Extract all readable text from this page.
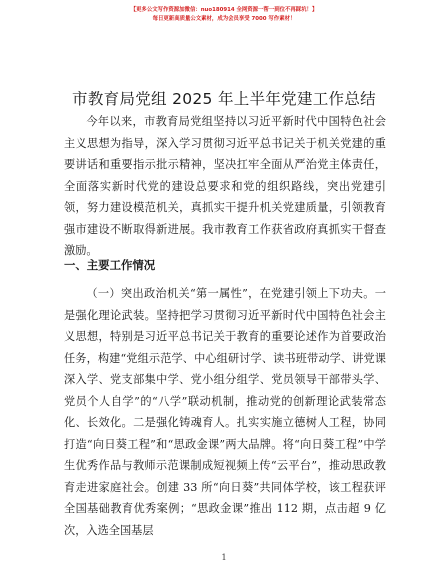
【更多公文写作资源加微信：nuo180914 全网资源一帮一到位不再踩坑！】
每日更新高质量公文素材，成为会员享受 7000 写作素材！
市教育局党组 2025 年上半年党建工作总结

今年以来，市教育局党组坚持以习近平新时代中国特色社会主义思想为指导，深入学习贯彻习近平总书记关于机关党建的重要讲话和重要指示批示精神，坚决扛牢全面从严治党主体责任，全面落实新时代党的建设总要求和党的组织路线，突出党建引领，努力建设模范机关，真抓实干提升机关党建质量，引领教育强市建设不断取得新进展。我市教育工作获省政府真抓实干督查激励。

一、主要工作情况

（一）突出政治机关“第一属性”，在党建引领上下功夫。一是强化理论武装。坚持把学习贯彻习近平新时代中国特色社会主义思想，特别是习近平总书记关于教育的重要论述作为首要政治任务，构建“党组示范学、中心组研讨学、读书班带动学、讲党课深入学、党支部集中学、党小组分组学、党员领导干部带头学、党员个人自学”的“八学”联动机制，推动党的创新理论武装常态化、长效化。二是强化铸魂育人。扎实实施立德树人工程，协同打造“向日葵工程”和“思政金课”两大品牌。将“向日葵工程”中学生优秀作品与教师示范课制成短视频上传“云平台”，推动思政教育走进家庭社会。创建 33 所“向日葵”共同体学校，该工程获评全国基础教育优秀案例；“思政金课”推出 112 期，点击超 9 亿次，入选全国基层

1
